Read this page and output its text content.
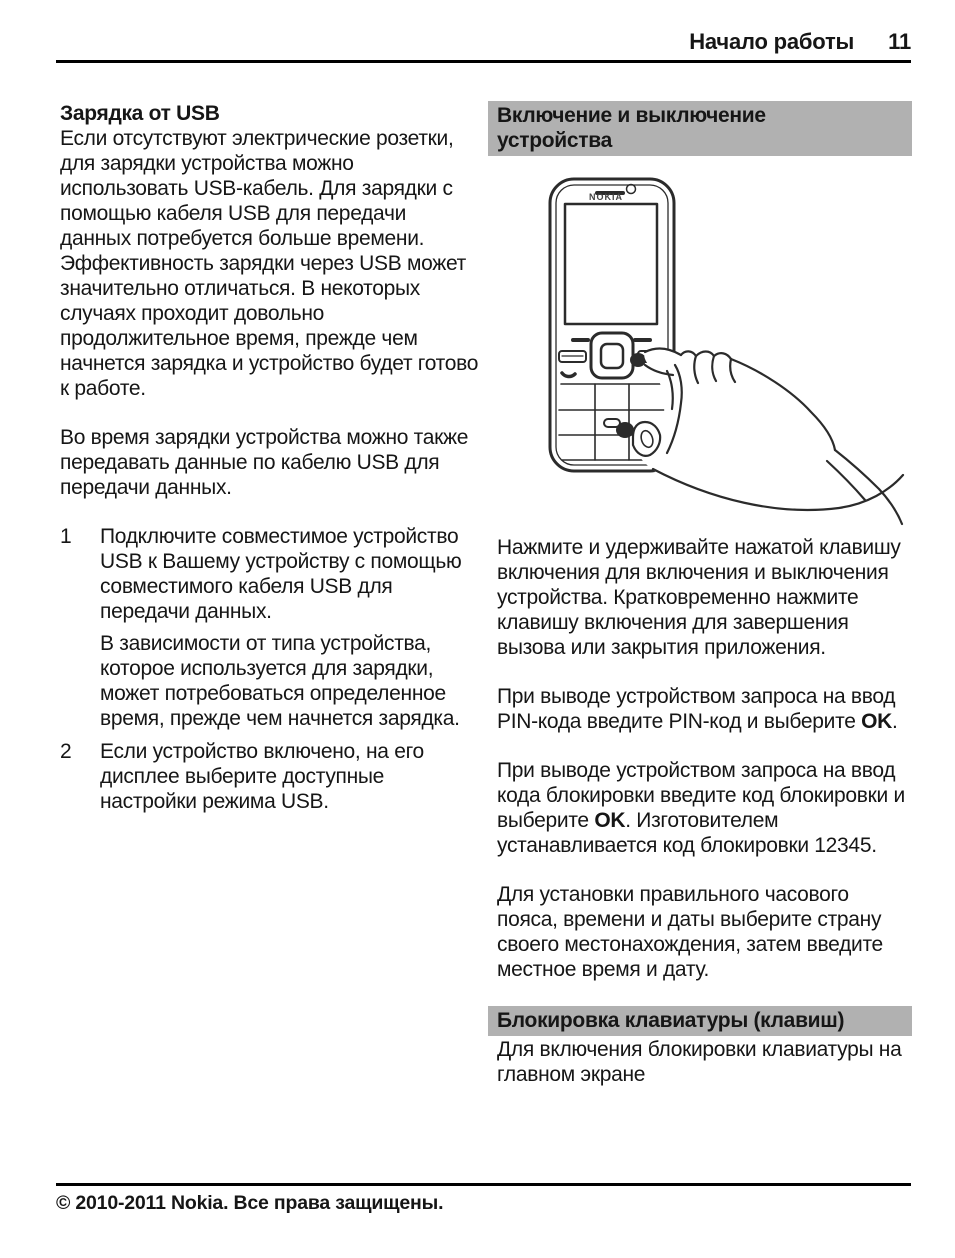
Начало работы 11
Зарядка от USB

Если отсутствуют электрические розетки, для зарядки устройства можно использовать USB-кабель. Для зарядки с помощью кабеля USB для передачи данных потребуется больше времени. Эффективность зарядки через USB может значительно отличаться. В некоторых случаях проходит довольно продолжительное время, прежде чем начнется зарядка и устройство будет готово к работе.

Во время зарядки устройства можно также передавать данные по кабелю USB для передачи данных.

1	Подключите совместимое устройство USB к Вашему устройству с помощью совместимого кабеля USB для передачи данных.
В зависимости от типа устройства, которое используется для зарядки, может потребоваться определенное время, прежде чем начнется зарядка.
2	Если устройство включено, на его дисплее выберите доступные настройки режима USB.
Включение и выключение
устройства
NOKIA

Нажмите и удерживайте нажатой клавишу включения для включения и выключения устройства. Кратковременно нажмите клавишу включения для завершения вызова или закрытия приложения.

При выводе устройством запроса на ввод PIN-кода введите PIN-код и выберите OK.

При выводе устройством запроса на ввод кода блокировки введите код блокировки и выберите OK. Изготовителем устанавливается код блокировки 12345.

Для установки правильного часового пояса, времени и даты выберите страну своего местонахождения, затем введите местное время и дату.

Блокировка клавиатуры (клавиш)

Для включения блокировки клавиатуры на главном экране

© 2010-2011 Nokia. Все права защищены.
